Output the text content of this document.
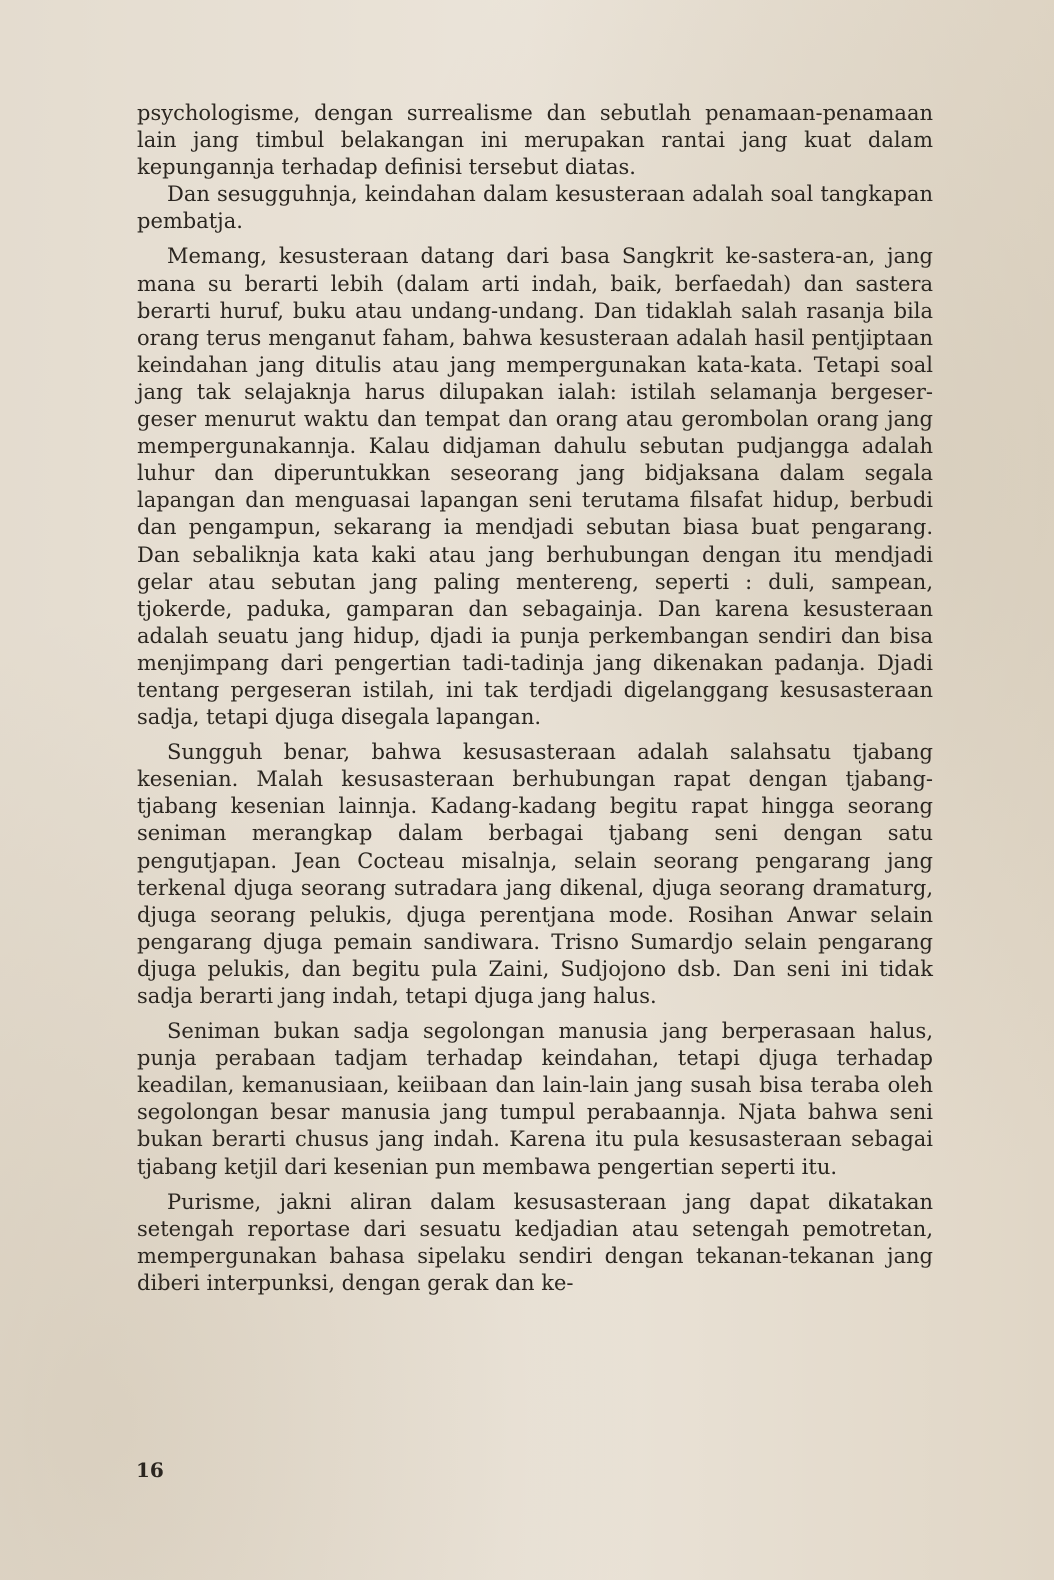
psychologisme, dengan surrealisme dan sebutlah penamaan-penamaan lain jang timbul belakangan ini merupakan rantai jang kuat dalam kepungannja terhadap definisi tersebut diatas.

Dan sesugguhnja, keindahan dalam kesusteraan adalah soal tangkapan pembatja.

Memang, kesusteraan datang dari basa Sangkrit ke-sastera-an, jang mana su berarti lebih (dalam arti indah, baik, berfaedah) dan sastera berarti huruf, buku atau undang-undang. Dan tidaklah salah rasanja bila orang terus menganut faham, bahwa kesusteraan adalah hasil pentjiptaan keindahan jang ditulis atau jang mempergunakan kata-kata. Tetapi soal jang tak selajaknja harus dilupakan ialah: istilah selamanja bergeser-geser menurut waktu dan tempat dan orang atau gerombolan orang jang mempergunakannja. Kalau didjaman dahulu sebutan pudjangga adalah luhur dan diperuntukkan seseorang jang bidjaksana dalam segala lapangan dan menguasai lapangan seni terutama filsafat hidup, berbudi dan pengampun, sekarang ia mendjadi sebutan biasa buat pengarang. Dan sebaliknja kata kaki atau jang berhubungan dengan itu mendjadi gelar atau sebutan jang paling mentereng, seperti : duli, sampean, tjokerde, paduka, gamparan dan sebagainja. Dan karena kesusteraan adalah seuatu jang hidup, djadi ia punja perkembangan sendiri dan bisa menjimpang dari pengertian tadi-tadinja jang dikenakan padanja. Djadi tentang pergeseran istilah, ini tak terdjadi digelanggang kesusasteraan sadja, tetapi djuga disegala lapangan.

Sungguh benar, bahwa kesusasteraan adalah salahsatu tjabang kesenian. Malah kesusasteraan berhubungan rapat dengan tjabang-tjabang kesenian lainnja. Kadang-kadang begitu rapat hingga seorang seniman merangkap dalam berbagai tjabang seni dengan satu pengutjapan. Jean Cocteau misalnja, selain seorang pengarang jang terkenal djuga seorang sutradara jang dikenal, djuga seorang dramaturg, djuga seorang pelukis, djuga perentjana mode. Rosihan Anwar selain pengarang djuga pemain sandiwara. Trisno Sumardjo selain pengarang djuga pelukis, dan begitu pula Zaini, Sudjojono dsb. Dan seni ini tidak sadja berarti jang indah, tetapi djuga jang halus.

Seniman bukan sadja segolongan manusia jang berperasaan halus, punja perabaan tadjam terhadap keindahan, tetapi djuga terhadap keadilan, kemanusiaan, keiibaan dan lain-lain jang susah bisa teraba oleh segolongan besar manusia jang tumpul perabaannja. Njata bahwa seni bukan berarti chusus jang indah. Karena itu pula kesusasteraan sebagai tjabang ketjil dari kesenian pun membawa pengertian seperti itu.

Purisme, jakni aliran dalam kesusasteraan jang dapat dikatakan setengah reportase dari sesuatu kedjadian atau setengah pemotretan, mempergunakan bahasa sipelaku sendiri dengan tekanan-tekanan jang diberi interpunksi, dengan gerak dan ke-

16
